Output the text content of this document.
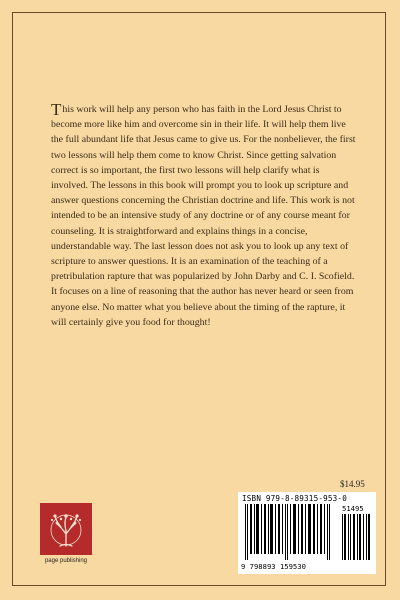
This work will help any person who has faith in the Lord Jesus Christ to become more like him and overcome sin in their life. It will help them live the full abundant life that Jesus came to give us. For the nonbeliever, the first two lessons will help them come to know Christ. Since getting salvation correct is so important, the first two lessons will help clarify what is involved. The lessons in this book will prompt you to look up scripture and answer questions concerning the Christian doctrine and life. This work is not intended to be an intensive study of any doctrine or of any course meant for counseling. It is straightforward and explains things in a concise, understandable way. The last lesson does not ask you to look up any text of scripture to answer questions. It is an examination of the teaching of a pretribulation rapture that was popularized by John Darby and C. I. Scofield. It focuses on a line of reasoning that the author has never heard or seen from anyone else. No matter what you believe about the timing of the rapture, it will certainly give you food for thought!
$14.95
page publishing
ISBN 979-8-89315-953-0
9 798893 159530
51495
